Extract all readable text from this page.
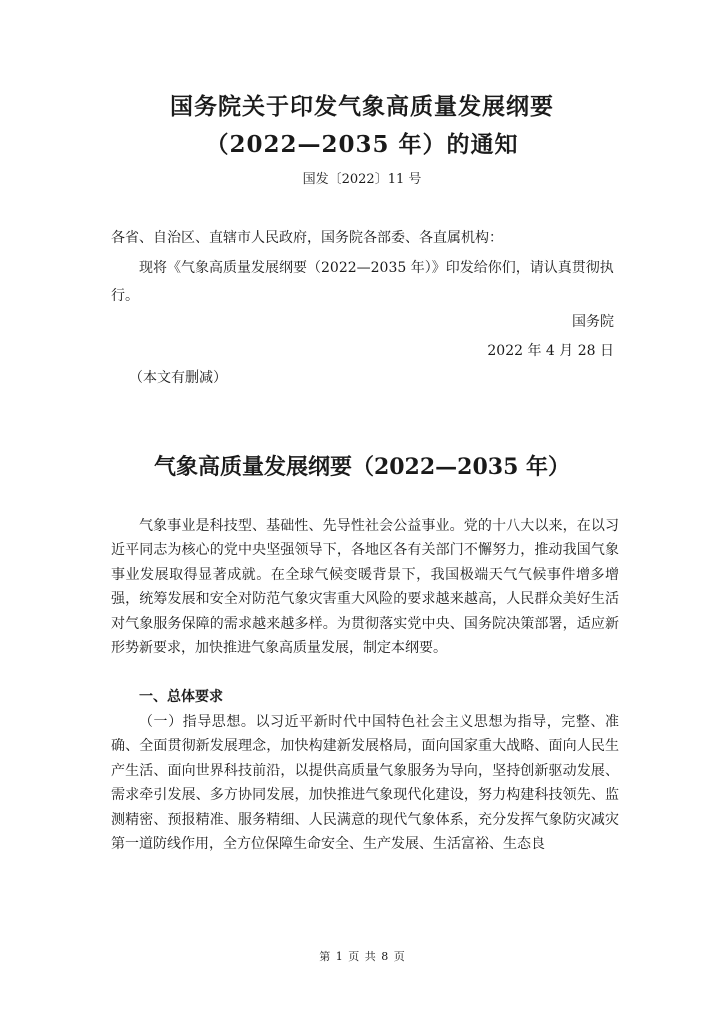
国务院关于印发气象高质量发展纲要
（2022—2035 年）的通知
国发〔2022〕11 号
各省、自治区、直辖市人民政府，国务院各部委、各直属机构：

现将《气象高质量发展纲要（2022—2035 年）》印发给你们，请认真贯彻执行。

国务院
2022 年 4 月 28 日
（本文有删减）
气象高质量发展纲要（2022—2035 年）

气象事业是科技型、基础性、先导性社会公益事业。党的十八大以来，在以习近平同志为核心的党中央坚强领导下，各地区各有关部门不懈努力，推动我国气象事业发展取得显著成就。在全球气候变暖背景下，我国极端天气气候事件增多增强，统筹发展和安全对防范气象灾害重大风险的要求越来越高，人民群众美好生活对气象服务保障的需求越来越多样。为贯彻落实党中央、国务院决策部署，适应新形势新要求，加快推进气象高质量发展，制定本纲要。

一、总体要求

（一）指导思想。以习近平新时代中国特色社会主义思想为指导，完整、准确、全面贯彻新发展理念，加快构建新发展格局，面向国家重大战略、面向人民生产生活、面向世界科技前沿，以提供高质量气象服务为导向，坚持创新驱动发展、需求牵引发展、多方协同发展，加快推进气象现代化建设，努力构建科技领先、监测精密、预报精准、服务精细、人民满意的现代气象体系，充分发挥气象防灾减灾第一道防线作用，全方位保障生命安全、生产发展、生活富裕、生态良

第 1 页 共 8 页
